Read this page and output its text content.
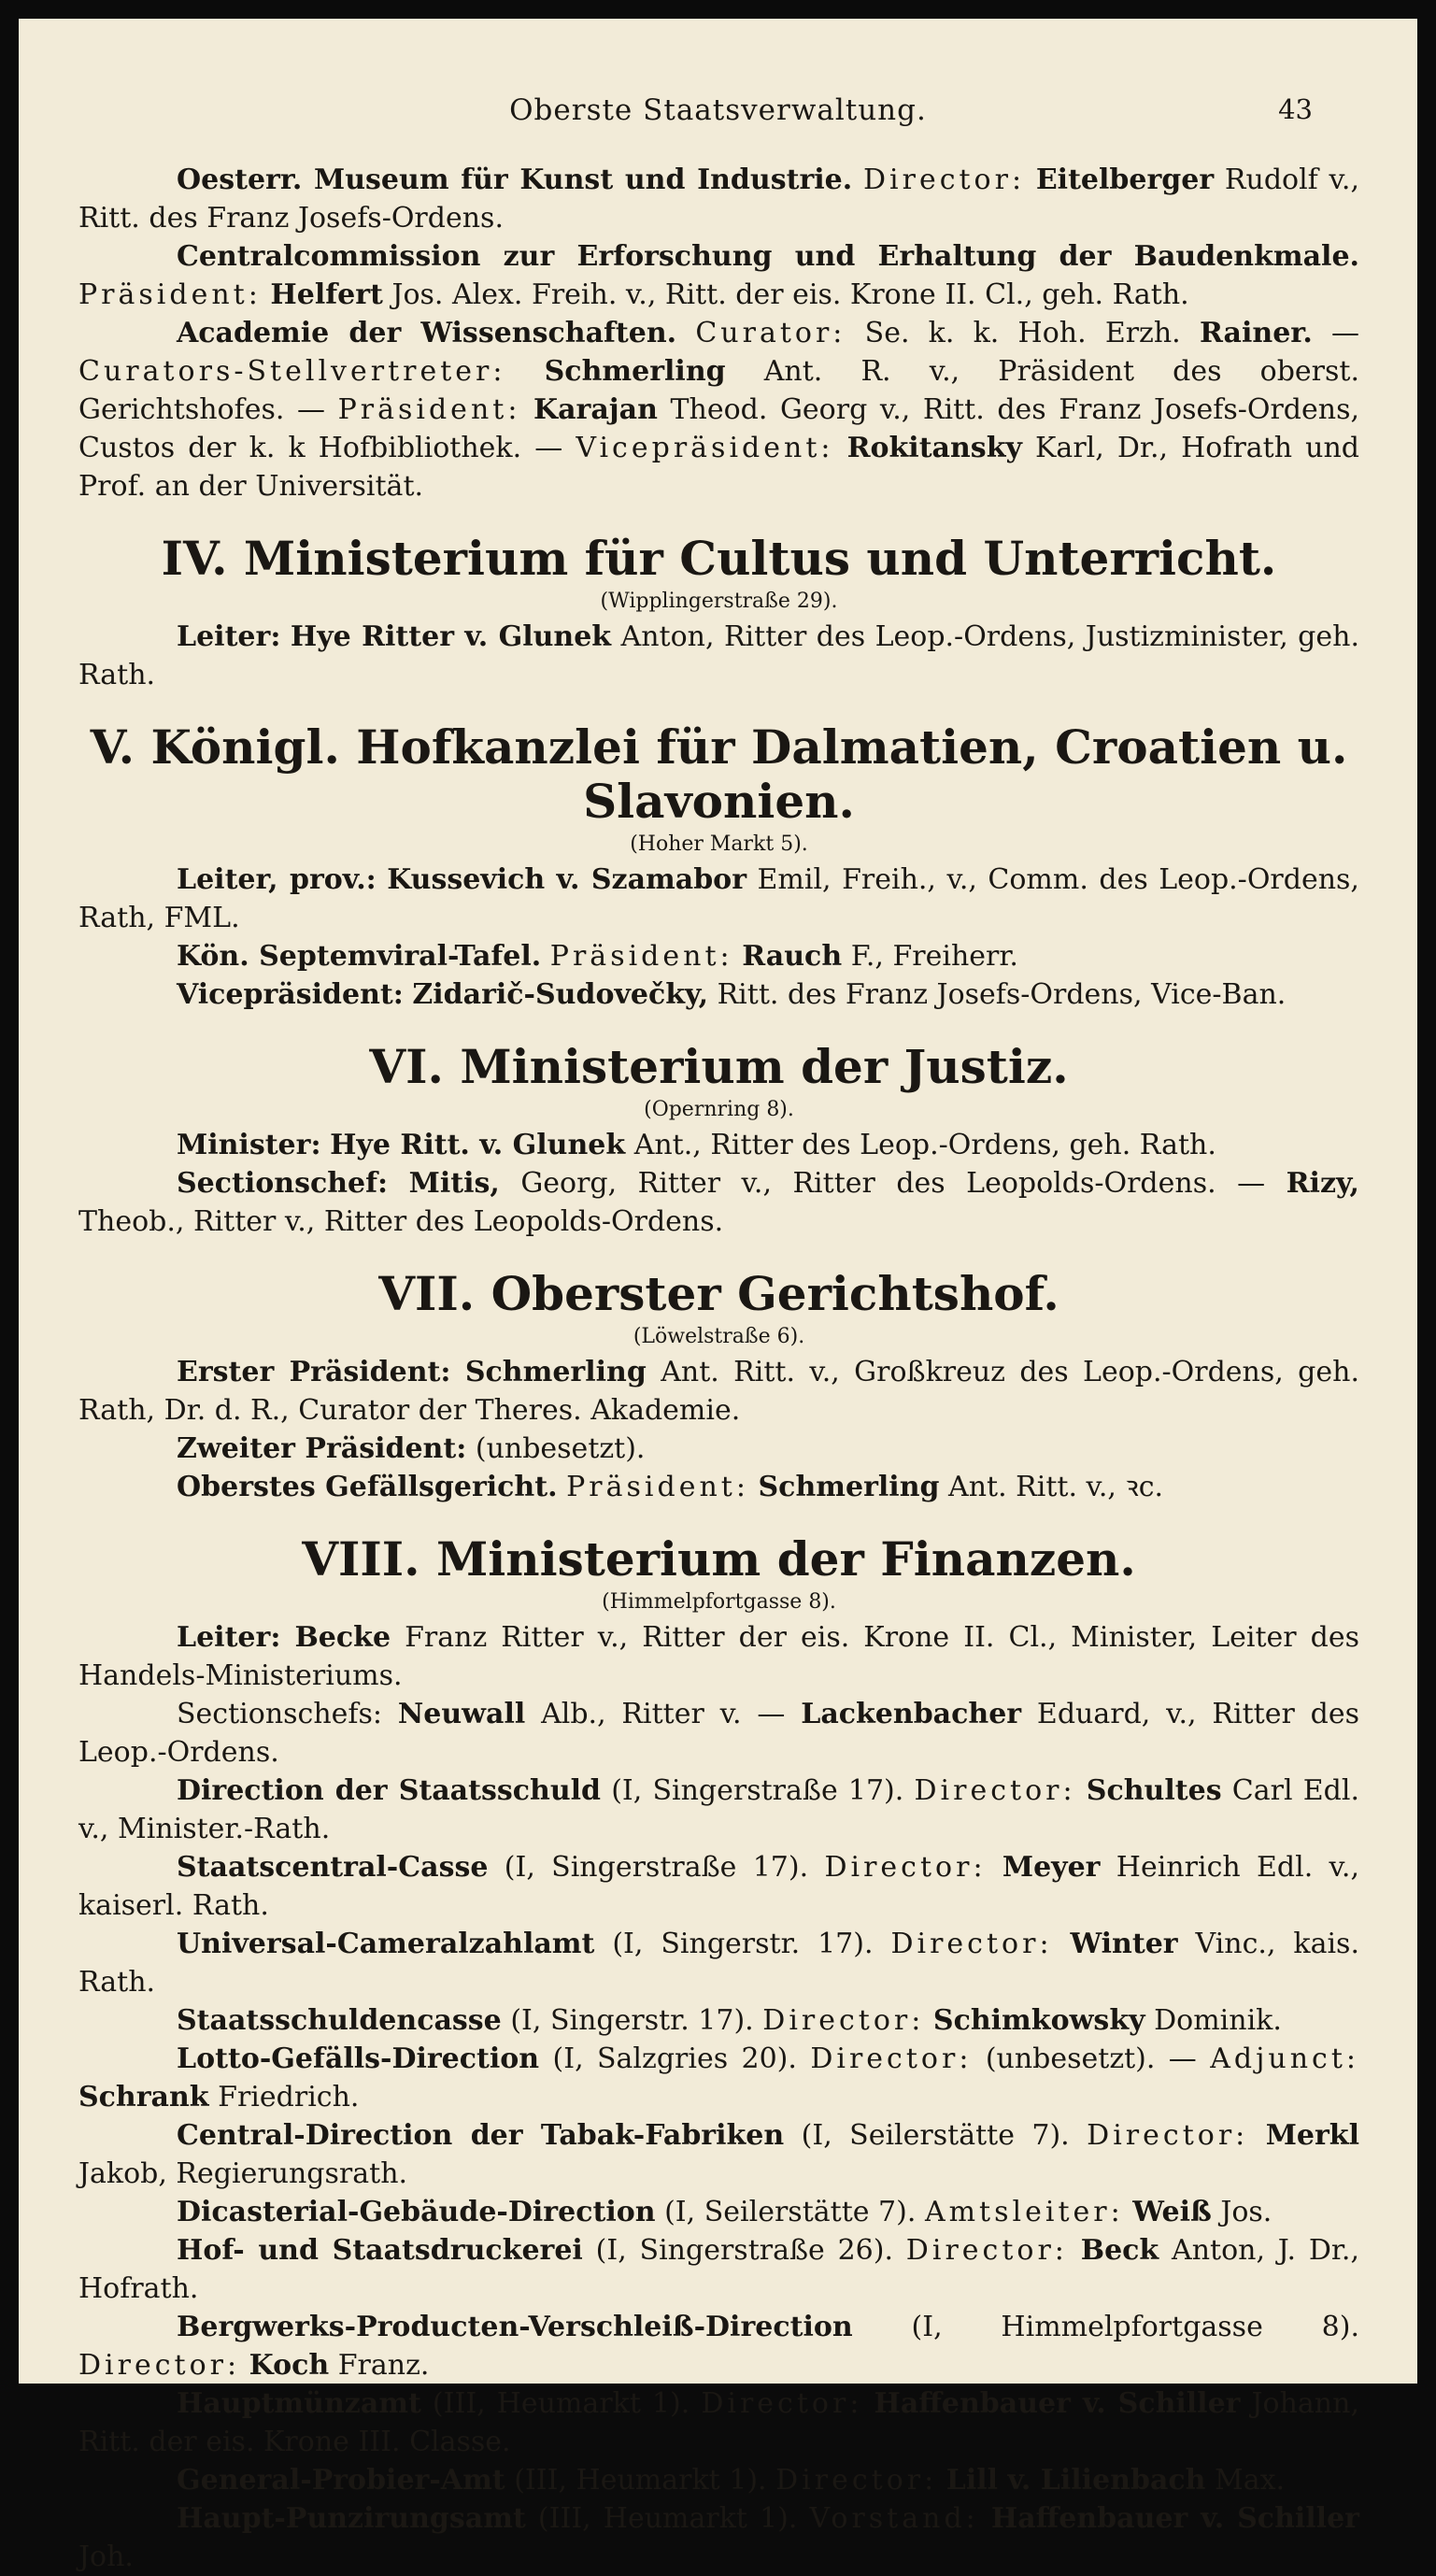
Oberste Staatsverwaltung.	43

Oesterr. Museum für Kunst und Industrie. Director: Eitelberger Rudolf v., Ritt. des Franz Josefs-Ordens.

Centralcommission zur Erforschung und Erhaltung der Baudenkmale. Präsident: Helfert Jos. Alex. Freih. v., Ritt. der eis. Krone II. Cl., geh. Rath.

Academie der Wissenschaften. Curator: Se. k. k. Hoh. Erzh. Rainer. — Curators-Stellvertreter: Schmerling Ant. R. v., Präsident des oberst. Gerichtshofes. — Präsident: Karajan Theod. Georg v., Ritt. des Franz Josefs-Ordens, Custos der k. k Hofbibliothek. — Vicepräsident: Rokitansky Karl, Dr., Hofrath und Prof. an der Universität.

IV. Ministerium für Cultus und Unterricht.

(Wipplingerstraße 29).

Leiter: Hye Ritter v. Glunek Anton, Ritter des Leop.-Ordens, Justizminister, geh. Rath.

V. Königl. Hofkanzlei für Dalmatien, Croatien u. Slavonien.

(Hoher Markt 5).

Leiter, prov.: Kussevich v. Szamabor Emil, Freih., v., Comm. des Leop.-Ordens, Rath, FML.

Kön. Septemviral-Tafel. Präsident: Rauch F., Freiherr.

Vicepräsident: Zidarič-Sudovečky, Ritt. des Franz Josefs-Ordens, Vice-Ban.

VI. Ministerium der Justiz.

(Opernring 8).

Minister: Hye Ritt. v. Glunek Ant., Ritter des Leop.-Ordens, geh. Rath.

Sectionschef: Mitis, Georg, Ritter v., Ritter des Leopolds-Ordens. — Rizy, Theob., Ritter v., Ritter des Leopolds-Ordens.

VII. Oberster Gerichtshof.

(Löwelstraße 6).

Erster Präsident: Schmerling Ant. Ritt. v., Großkreuz des Leop.-Ordens, geh. Rath, Dr. d. R., Curator der Theres. Akademie.

Zweiter Präsident: (unbesetzt).

Oberstes Gefällsgericht. Präsident: Schmerling Ant. Ritt. v., ꝛc.

VIII. Ministerium der Finanzen.

(Himmelpfortgasse 8).

Leiter: Becke Franz Ritter v., Ritter der eis. Krone II. Cl., Minister, Leiter des Handels-Ministeriums.

Sectionschefs: Neuwall Alb., Ritter v. — Lackenbacher Eduard, v., Ritter des Leop.-Ordens.

Direction der Staatsschuld (I, Singerstraße 17). Director: Schultes Carl Edl. v., Minister.-Rath.

Staatscentral-Casse (I, Singerstraße 17). Director: Meyer Heinrich Edl. v., kaiserl. Rath.

Universal-Cameralzahlamt (I, Singerstr. 17). Director: Winter Vinc., kais. Rath.

Staatsschuldencasse (I, Singerstr. 17). Director: Schimkowsky Dominik.

Lotto-Gefälls-Direction (I, Salzgries 20). Director: (unbesetzt). — Adjunct: Schrank Friedrich.

Central-Direction der Tabak-Fabriken (I, Seilerstätte 7). Director: Merkl Jakob, Regierungsrath.

Dicasterial-Gebäude-Direction (I, Seilerstätte 7). Amtsleiter: Weiß Jos.

Hof- und Staatsdruckerei (I, Singerstraße 26). Director: Beck Anton, J. Dr., Hofrath.

Bergwerks-Producten-Verschleiß-Direction (I, Himmelpfortgasse 8). Director: Koch Franz.

Hauptmünzamt (III, Heumarkt 1). Director: Haffenbauer v. Schiller Johann, Ritt. der eis. Krone III. Classe.

General-Probier-Amt (III, Heumarkt 1). Director: Lill v. Lilienbach Max.

Haupt-Punzirungsamt (III, Heumarkt 1). Vorstand: Haffenbauer v. Schiller Joh.
